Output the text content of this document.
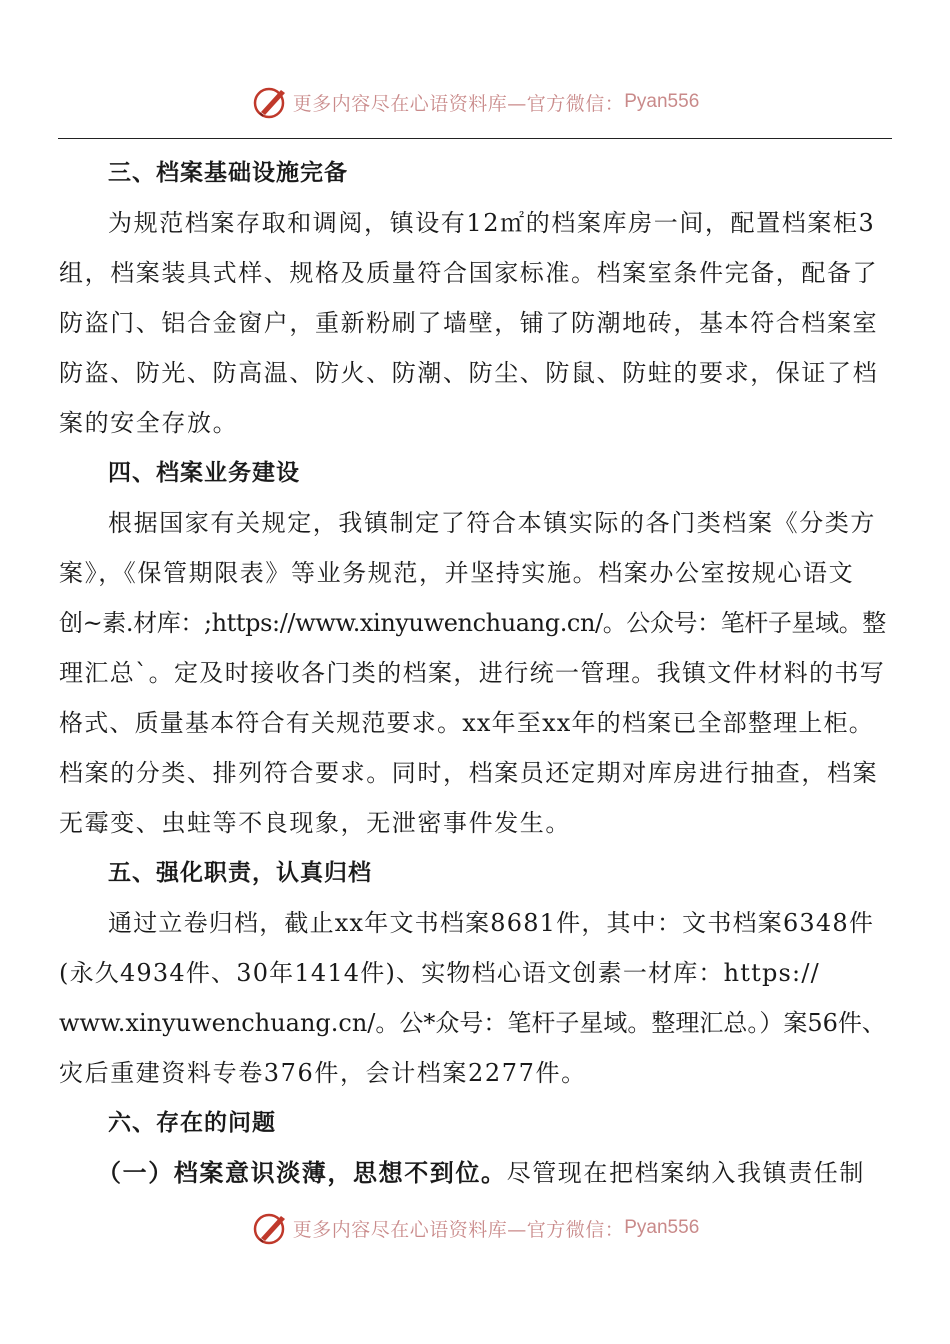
更多内容尽在心语资料库—官方微信： Pyan556
三、档案基础设施完备
为规范档案存取和调阅，镇设有12㎡的档案库房一间，配置档案柜3
组，档案装具式样、规格及质量符合国家标准。档案室条件完备，配备了
防盗门、铝合金窗户，重新粉刷了墙壁，铺了防潮地砖，基本符合档案室
防盗、防光、防高温、防火、防潮、防尘、防鼠、防蛀的要求，保证了档
案的安全存放。
四、档案业务建设
根据国家有关规定，我镇制定了符合本镇实际的各门类档案《分类方
案》，《保管期限表》等业务规范，并坚持实施。档案办公室按规心语文
创~素.材库：;https://www.xinyuwenchuang.cn/。公众号：笔杆子星域。整
理汇总`。定及时接收各门类的档案，进行统一管理。我镇文件材料的书写
格式、质量基本符合有关规范要求。xx年至xx年的档案已全部整理上柜。
档案的分类、排列符合要求。同时，档案员还定期对库房进行抽查，档案
无霉变、虫蛀等不良现象，无泄密事件发生。
五、强化职责，认真归档
通过立卷归档，截止xx年文书档案8681件，其中：文书档案6348件
(永久4934件、30年1414件)、实物档心语文创素一材库：https://
www.xinyuwenchuang.cn/。公*众号：笔杆子星域。整理汇总。）案56件、
灾后重建资料专卷376件，会计档案2277件。
六、存在的问题
（一）档案意识淡薄，思想不到位。尽管现在把档案纳入我镇责任制
更多内容尽在心语资料库—官方微信： Pyan556
